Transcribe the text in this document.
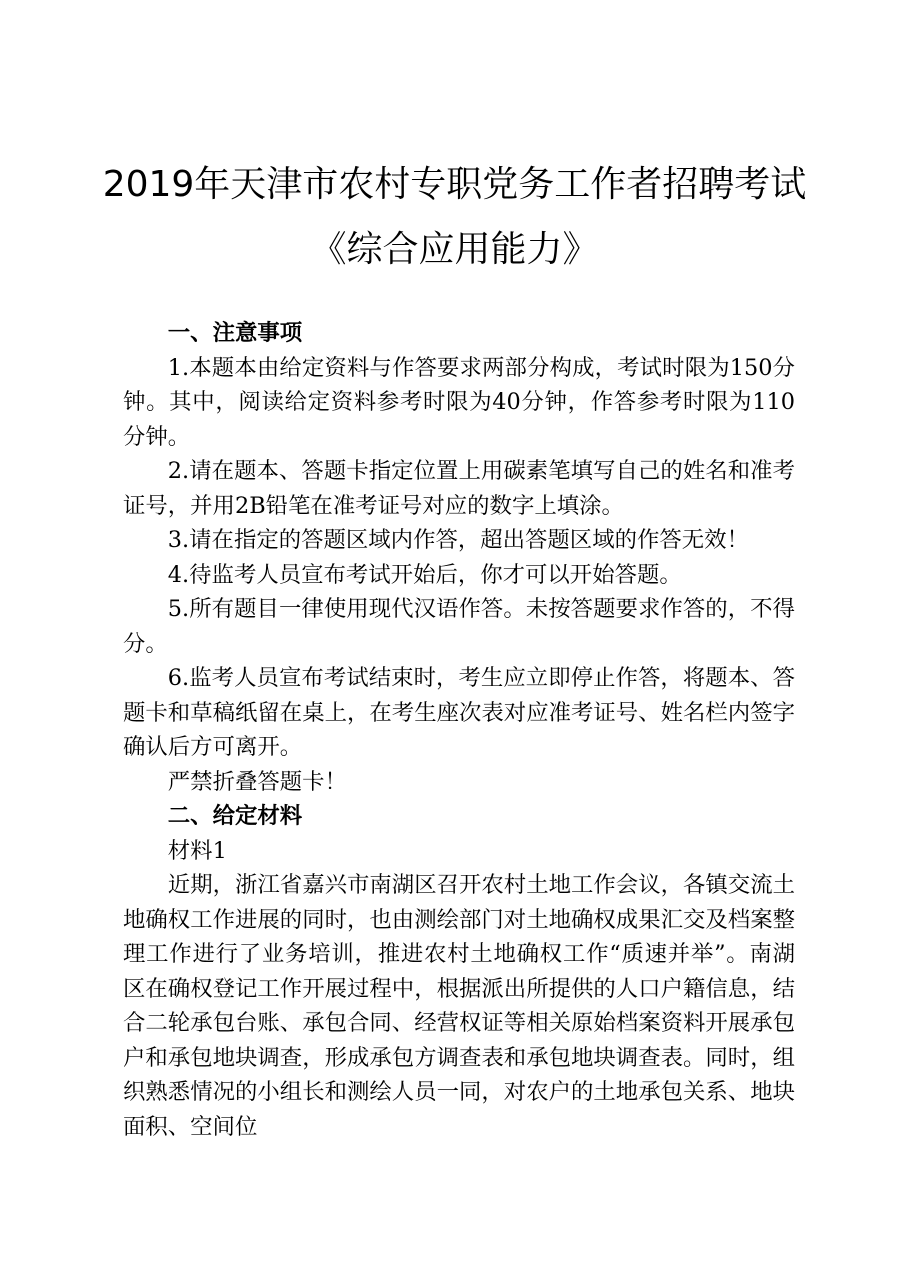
2019年天津市农村专职党务工作者招聘考试
《综合应用能力》

一、注意事项

1.本题本由给定资料与作答要求两部分构成，考试时限为150分钟。其中，阅读给定资料参考时限为40分钟，作答参考时限为110分钟。

2.请在题本、答题卡指定位置上用碳素笔填写自己的姓名和准考证号，并用2B铅笔在准考证号对应的数字上填涂。

3.请在指定的答题区域内作答，超出答题区域的作答无效！

4.待监考人员宣布考试开始后，你才可以开始答题。

5.所有题目一律使用现代汉语作答。未按答题要求作答的，不得分。

6.监考人员宣布考试结束时，考生应立即停止作答，将题本、答题卡和草稿纸留在桌上，在考生座次表对应准考证号、姓名栏内签字确认后方可离开。

严禁折叠答题卡！

二、给定材料

材料1

近期，浙江省嘉兴市南湖区召开农村土地工作会议，各镇交流土地确权工作进展的同时，也由测绘部门对土地确权成果汇交及档案整理工作进行了业务培训，推进农村土地确权工作“质速并举”。南湖区在确权登记工作开展过程中，根据派出所提供的人口户籍信息，结合二轮承包台账、承包合同、经营权证等相关原始档案资料开展承包户和承包地块调查，形成承包方调查表和承包地块调查表。同时，组织熟悉情况的小组长和测绘人员一同，对农户的土地承包关系、地块面积、空间位
